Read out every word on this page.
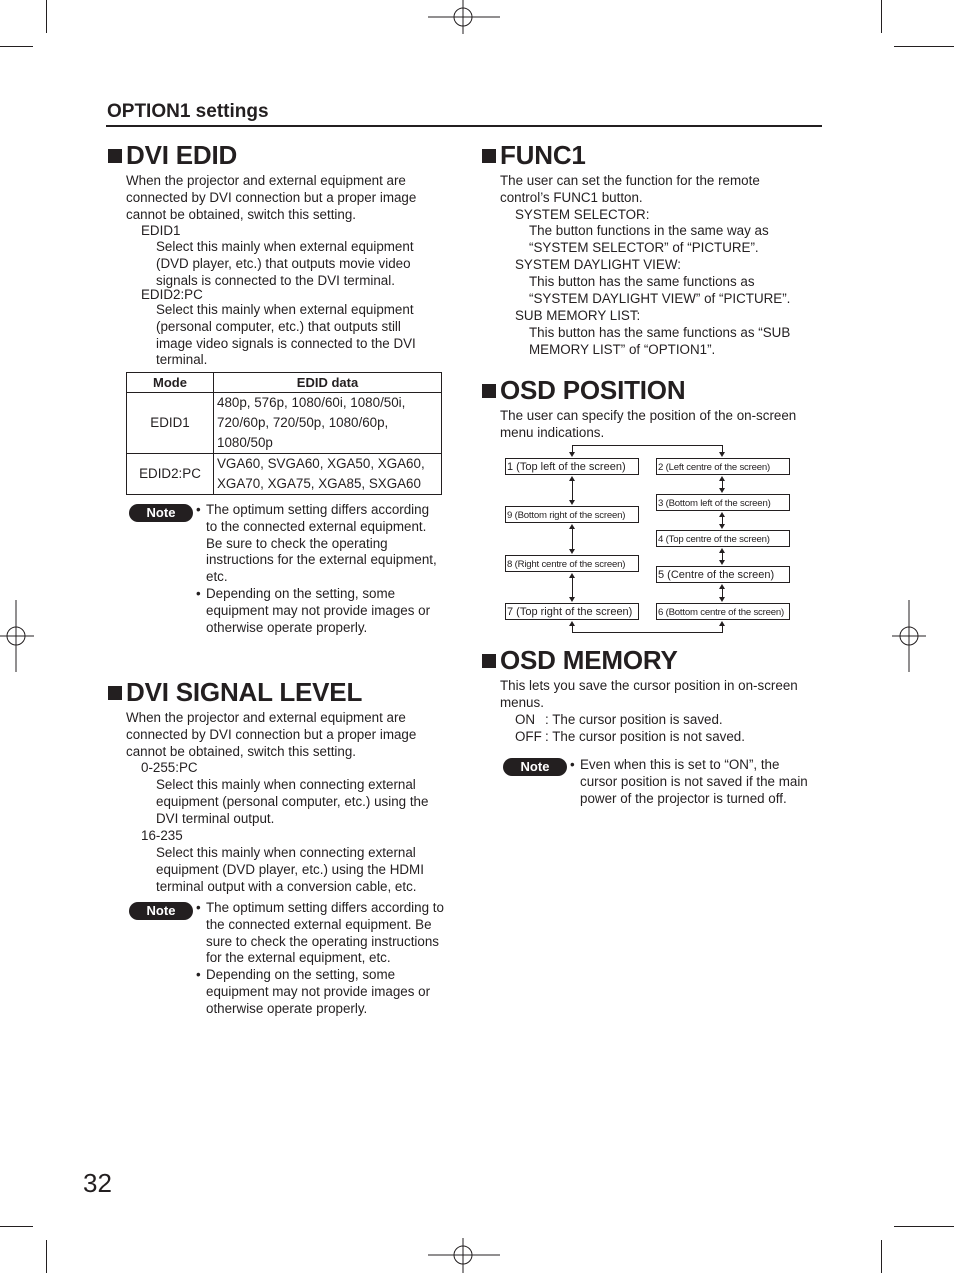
OPTION1 settings
DVI EDID
When the projector and external equipment are
connected by DVI connection but a proper image
cannot be obtained, switch this setting.
EDID1
Select this mainly when external equipment
(DVD player, etc.) that outputs movie video
signals is connected to the DVI terminal.
EDID2:PC
Select this mainly when external equipment
(personal computer, etc.) that outputs still
image video signals is connected to the DVI
terminal.
Mode	EDID data
EDID1	480p, 576p, 1080/60i, 1080/50i,
720/60p, 720/50p, 1080/60p,
1080/50p

EDID2:PC	VGA60, SVGA60, XGA50, XGA60,
XGA70, XGA75, XGA85, SXGA60
Note	• The optimum setting differs according
to the connected external equipment.
Be sure to check the operating
instructions for the external equipment,
etc.
• Depending on the setting, some
equipment may not provide images or
otherwise operate properly.
DVI SIGNAL LEVEL
When the projector and external equipment are
connected by DVI connection but a proper image
cannot be obtained, switch this setting.
0-255:PC
Select this mainly when connecting external
equipment (personal computer, etc.) using the
DVI terminal output.
16-235
Select this mainly when connecting external
equipment (DVD player, etc.) using the HDMI
terminal output with a conversion cable, etc.
Note	• The optimum setting differs according to
the connected external equipment. Be
sure to check the operating instructions
for the external equipment, etc.
• Depending on the setting, some
equipment may not provide images or
otherwise operate properly.
FUNC1
The user can set the function for the remote
control’s FUNC1 button.
SYSTEM SELECTOR:
The button functions in the same way as
“SYSTEM SELECTOR” of “PICTURE”.
SYSTEM DAYLIGHT VIEW:
This button has the same functions as
“SYSTEM DAYLIGHT VIEW” of “PICTURE”.
SUB MEMORY LIST:
This button has the same functions as “SUB
MEMORY LIST” of “OPTION1”.
OSD POSITION
The user can specify the position of the on-screen
menu indications.
1 (Top left of the screen)
9 (Bottom right of the screen)
8 (Right centre of the screen)
7 (Top right of the screen)
2 (Left centre of the screen)
3 (Bottom left of the screen)
4 (Top centre of the screen)
5 (Centre of the screen)
6 (Bottom centre of the screen)
OSD MEMORY
This lets you save the cursor position in on-screen
menus.
ON : The cursor position is saved.
OFF : The cursor position is not saved.
Note	• Even when this is set to “ON”, the
cursor position is not saved if the main
power of the projector is turned off.
32
